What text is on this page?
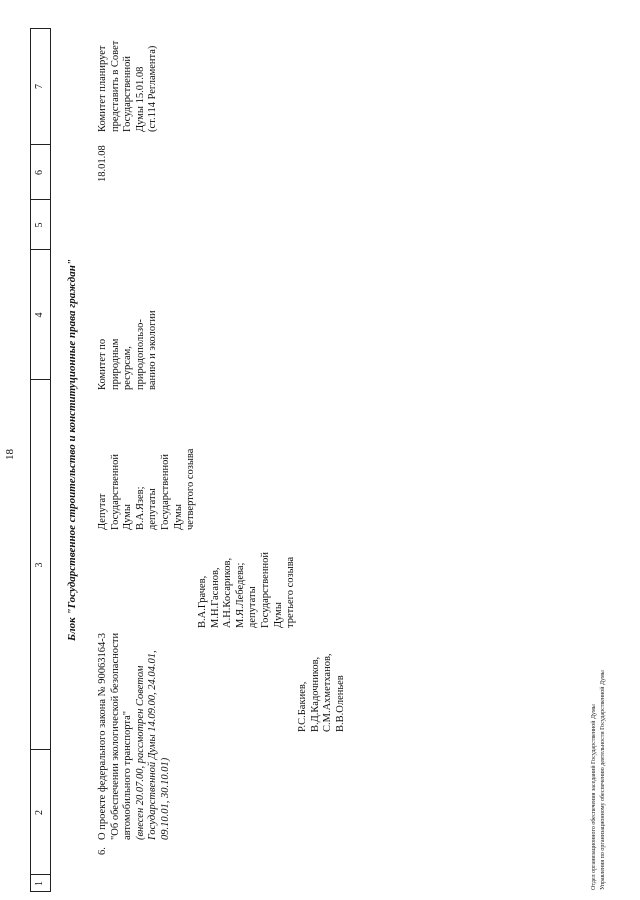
18
1
2
3
4
5
6
7
Блок "Государственное строительство и конституционные права граждан"
6.
О проекте федерального закона № 90063164-3 "Об обеспечении экологической безопасности автомобильного транспорта" (внесен 20.07.00, рассмотрен Советом Государственной Думы 14.09.00, 24.04.01, 09.10.01, 30.10.01)
Депутат Государственной Думы В.А.Язев; депутаты Государственной Думы четвертого созыва
В.А.Грачев, М.Н.Гасанов, А.Н.Косариков, М.Я.Лебедева; депутаты Государственной Думы третьего созыва
Р.С.Бакиев, В.Д.Кадочников, С.М.Ахметханов, В.В.Оленьев
Комитет по природным ресурсам, природопользо- ванию и экологии
18.01.08
Комитет планирует представить в Совет Государственной Думы 15.01.08 (ст.114 Регламента)
Отдел организационного обеспечения заседаний Государственной Думы Управления по организационному обеспечению деятельности Государственной Думы
